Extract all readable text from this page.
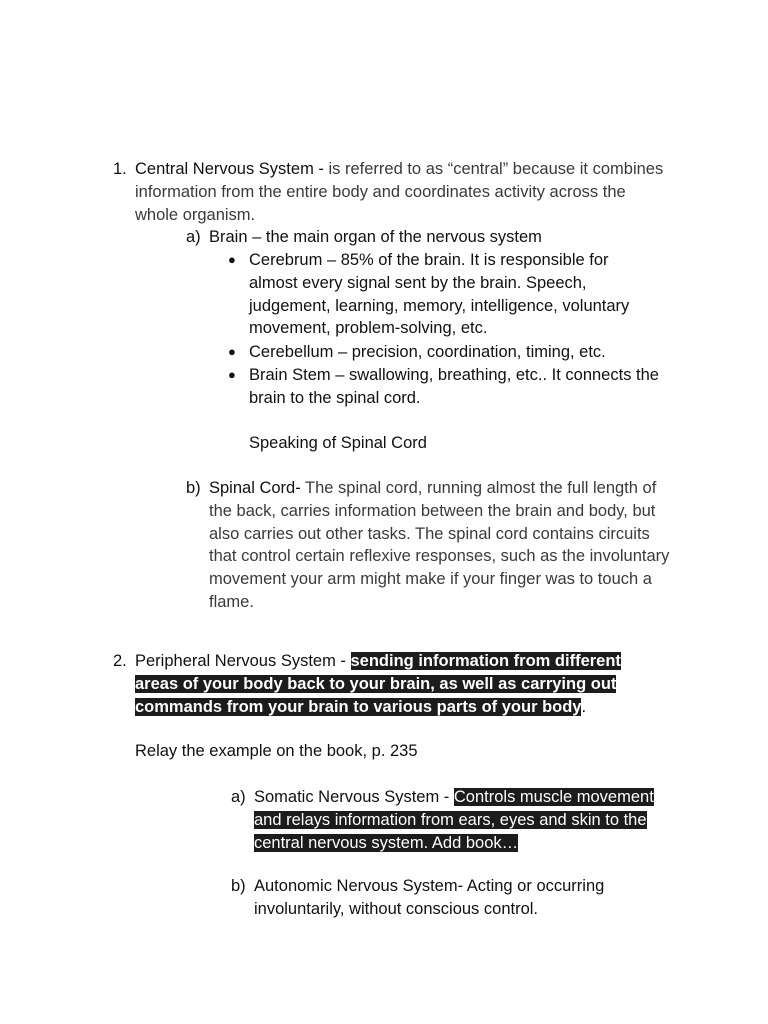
1. Central Nervous System - is referred to as “central” because it combines information from the entire body and coordinates activity across the whole organism.
a) Brain – the main organ of the nervous system
● Cerebrum – 85% of the brain. It is responsible for almost every signal sent by the brain. Speech, judgement, learning, memory, intelligence, voluntary movement, problem-solving, etc.
● Cerebellum – precision, coordination, timing, etc.
● Brain Stem – swallowing, breathing, etc.. It connects the brain to the spinal cord.
Speaking of Spinal Cord
b) Spinal Cord- The spinal cord, running almost the full length of the back, carries information between the brain and body, but also carries out other tasks. The spinal cord contains circuits that control certain reflexive responses, such as the involuntary movement your arm might make if your finger was to touch a flame.
2. Peripheral Nervous System - sending information from different areas of your body back to your brain, as well as carrying out commands from your brain to various parts of your body.
Relay the example on the book, p. 235
a) Somatic Nervous System - Controls muscle movement and relays information from ears, eyes and skin to the central nervous system. Add book…
b) Autonomic Nervous System- Acting or occurring involuntarily, without conscious control.
